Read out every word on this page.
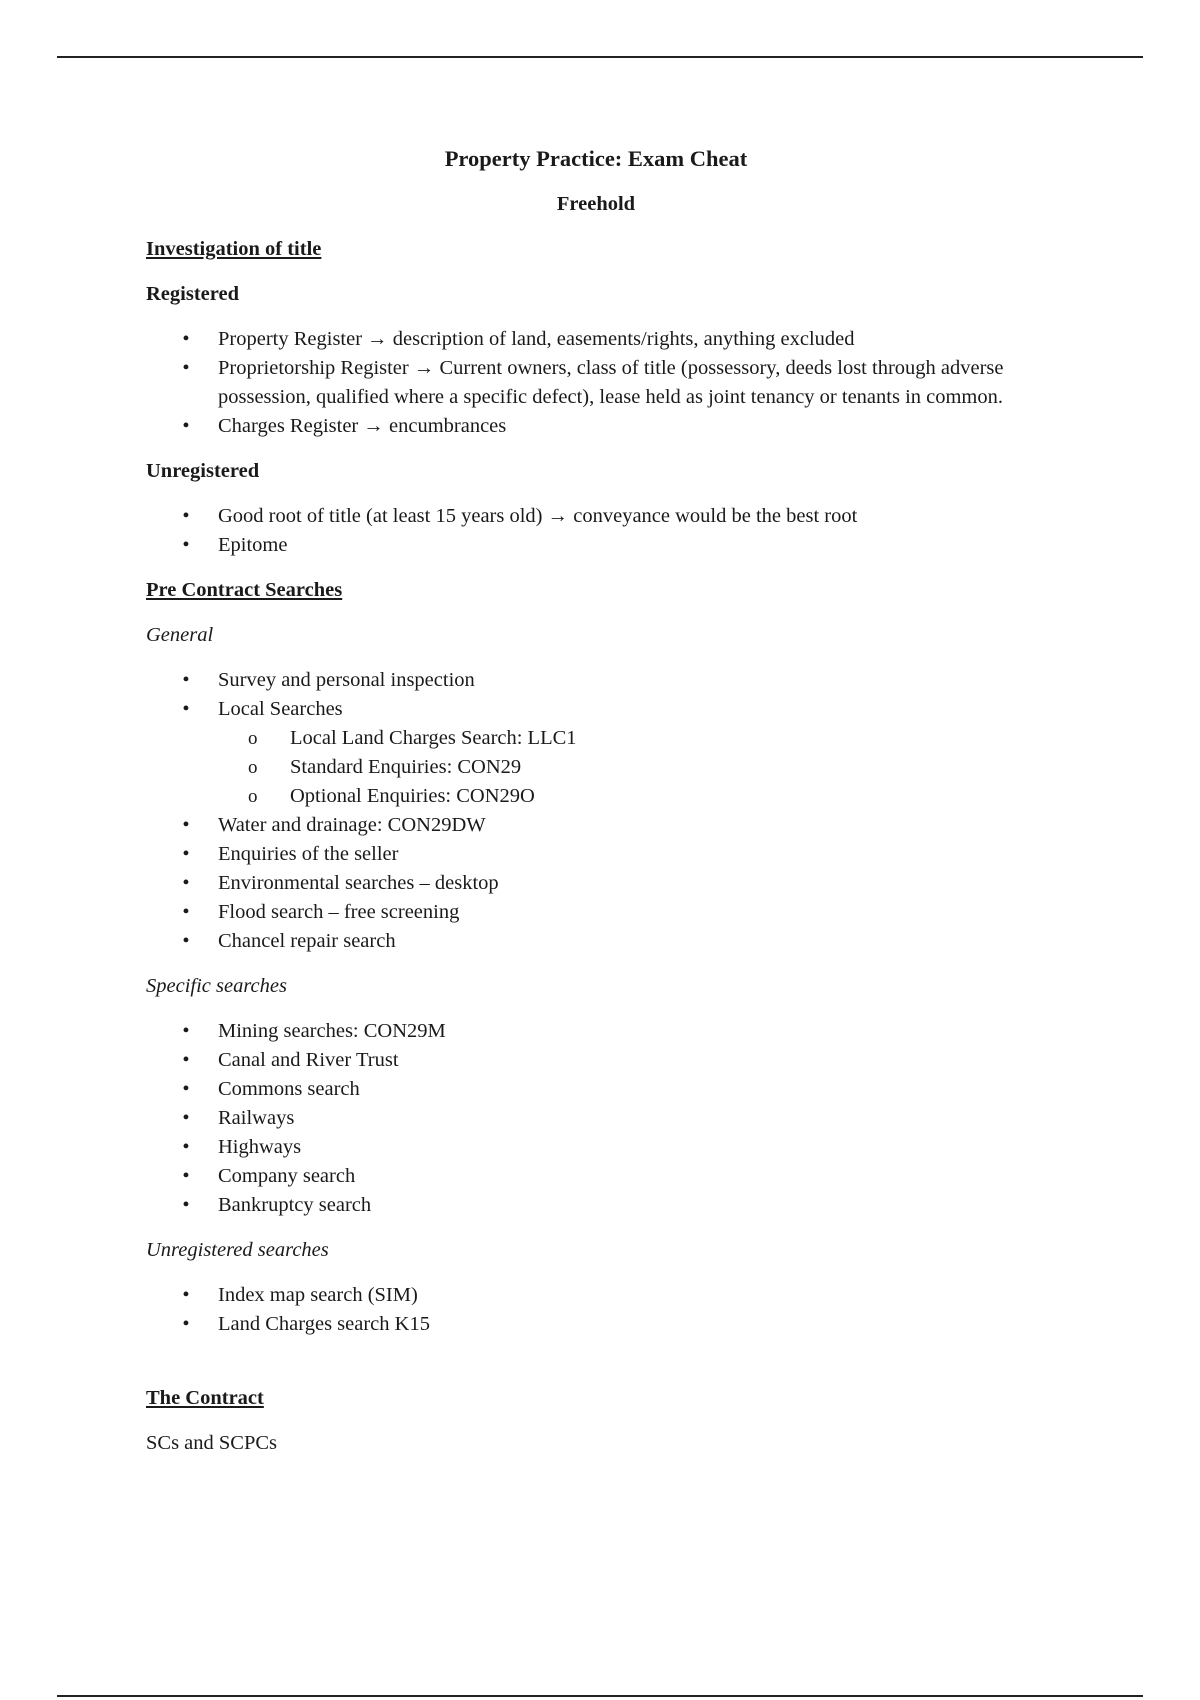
Property Practice: Exam Cheat
Freehold
Investigation of title
Registered
• Property Register → description of land, easements/rights, anything excluded
• Proprietorship Register → Current owners, class of title (possessory, deeds lost through adverse possession, qualified where a specific defect), lease held as joint tenancy or tenants in common.
• Charges Register → encumbrances
Unregistered
• Good root of title (at least 15 years old) → conveyance would be the best root
• Epitome
Pre Contract Searches
General
• Survey and personal inspection
• Local Searches
o Local Land Charges Search: LLC1
o Standard Enquiries: CON29
o Optional Enquiries: CON29O
• Water and drainage: CON29DW
• Enquiries of the seller
• Environmental searches – desktop
• Flood search – free screening
• Chancel repair search
Specific searches
• Mining searches: CON29M
• Canal and River Trust
• Commons search
• Railways
• Highways
• Company search
• Bankruptcy search
Unregistered searches
• Index map search (SIM)
• Land Charges search K15
The Contract
SCs and SCPCs
